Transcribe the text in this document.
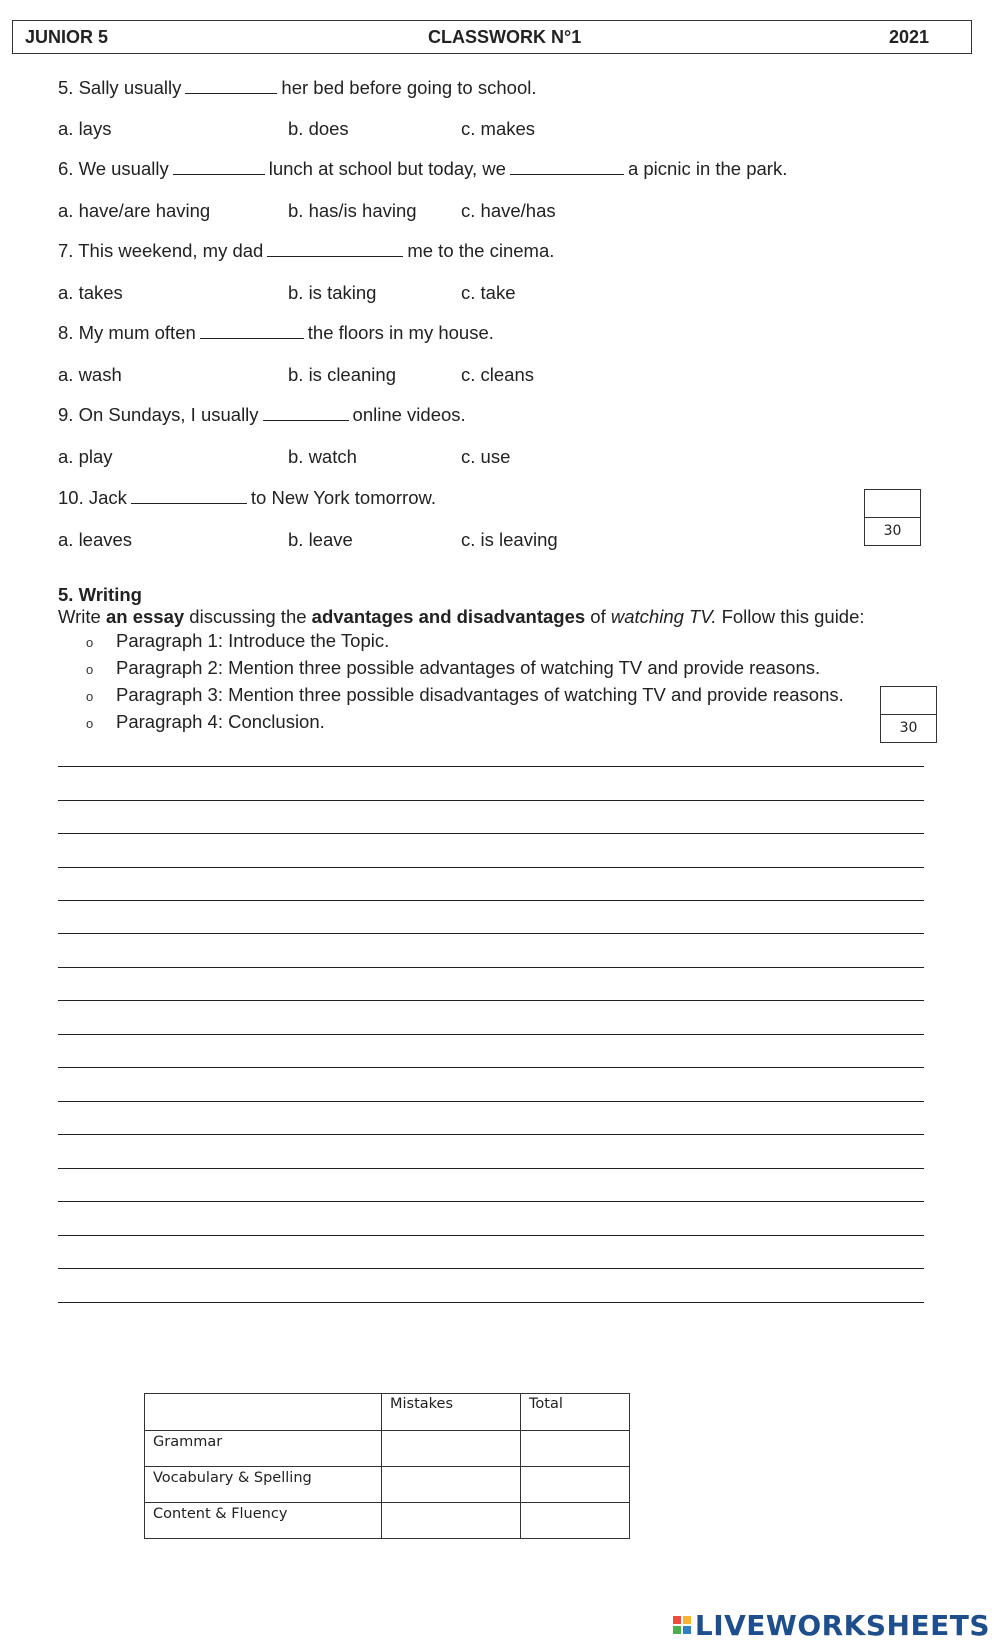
JUNIOR 5	CLASSWORK N°1	2021
5. Sally usually	her bed before going to school.
a. lays	b. does	c. makes
6. We usually	lunch at school but today, we	a picnic in the park.
a. have/are having	b. has/is having c. have/has
7. This weekend, my dad	me to the cinema.
a. takes	b. is taking	c. take
8. My mum often	the floors in my house.
a. wash	b. is cleaning	c. cleans
9. On Sundays, I usually	online videos.
a. play	b. watch	c. use
10. Jack	to New York tomorrow.
a. leaves	b. leave	c. is leaving	30
5. Writing
Write an essay discussing the advantages and disadvantages of watching TV. Follow this guide:
o Paragraph 1: Introduce the Topic.
o Paragraph 2: Mention three possible advantages of watching TV and provide reasons.
o Paragraph 3: Mention three possible disadvantages of watching TV and provide reasons.
o Paragraph 4: Conclusion.	30
	Mistakes	Total
Grammar		
Vocabulary & Spelling		
Content & Fluency		
LIVEWORKSHEETS
